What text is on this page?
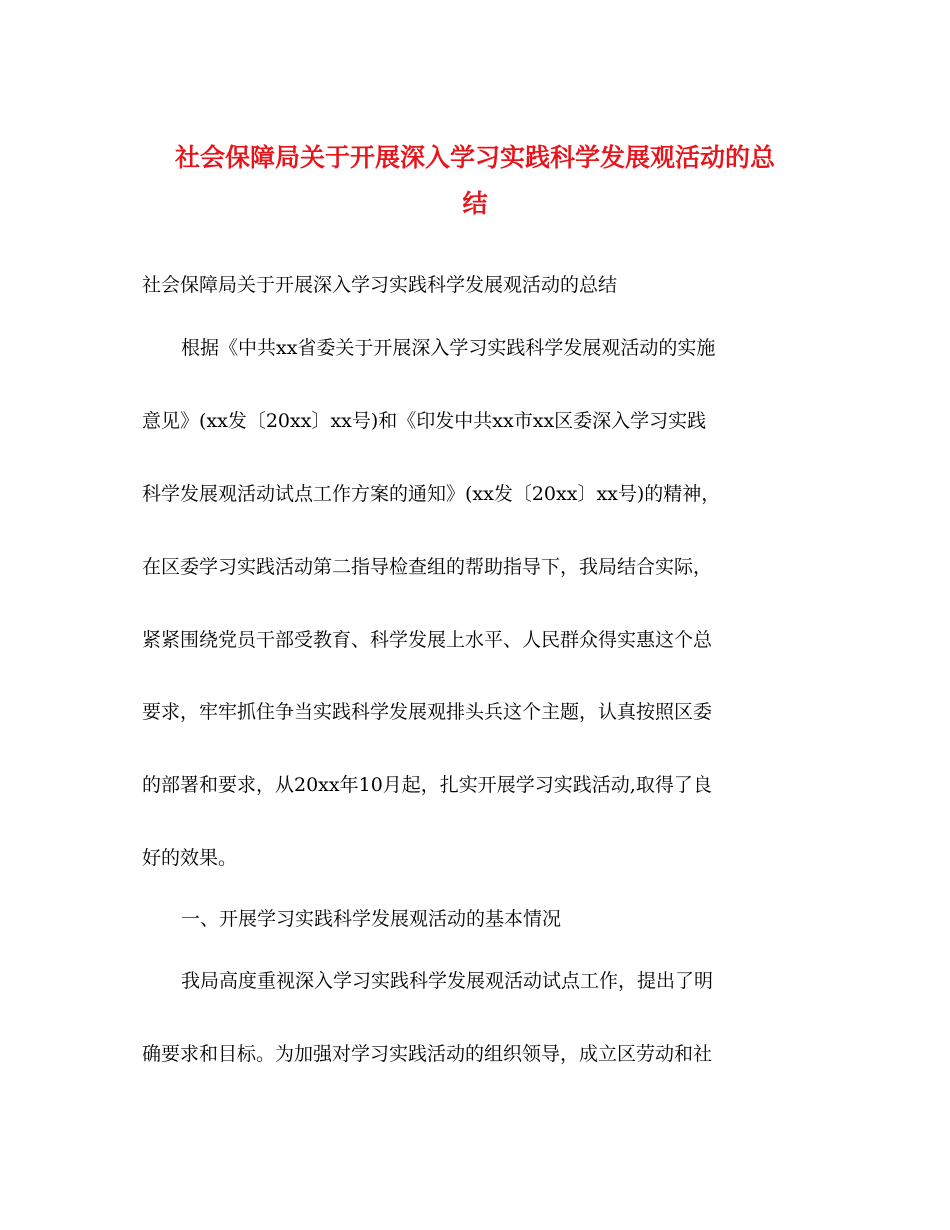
社会保障局关于开展深入学习实践科学发展观活动的总
结
社会保障局关于开展深入学习实践科学发展观活动的总结
根据《中共xx省委关于开展深入学习实践科学发展观活动的实施
意见》(xx发〔20xx〕xx号)和《印发中共xx市xx区委深入学习实践
科学发展观活动试点工作方案的通知》(xx发〔20xx〕xx号)的精神，
在区委学习实践活动第二指导检查组的帮助指导下，我局结合实际，
紧紧围绕党员干部受教育、科学发展上水平、人民群众得实惠这个总
要求，牢牢抓住争当实践科学发展观排头兵这个主题，认真按照区委
的部署和要求，从20xx年10月起，扎实开展学习实践活动,取得了良
好的效果。
一、开展学习实践科学发展观活动的基本情况
我局高度重视深入学习实践科学发展观活动试点工作，提出了明
确要求和目标。为加强对学习实践活动的组织领导，成立区劳动和社
